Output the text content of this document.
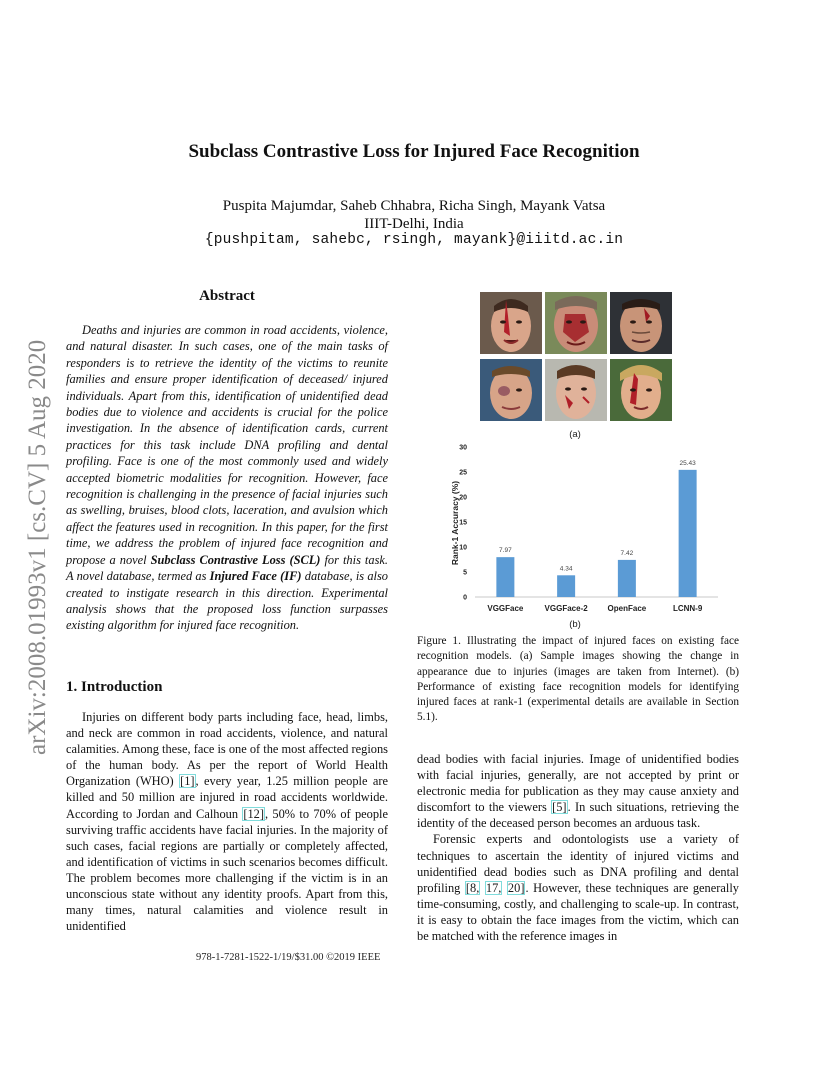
arXiv:2008.01993v1 [cs.CV] 5 Aug 2020
Subclass Contrastive Loss for Injured Face Recognition
Puspita Majumdar, Saheb Chhabra, Richa Singh, Mayank Vatsa
IIIT-Delhi, India
{pushpitam, sahebc, rsingh, mayank}@iiitd.ac.in
Abstract
Deaths and injuries are common in road accidents, violence, and natural disaster. In such cases, one of the main tasks of responders is to retrieve the identity of the victims to reunite families and ensure proper identification of deceased/ injured individuals. Apart from this, identification of unidentified dead bodies due to violence and accidents is crucial for the police investigation. In the absence of identification cards, current practices for this task include DNA profiling and dental profiling. Face is one of the most commonly used and widely accepted biometric modalities for recognition. However, face recognition is challenging in the presence of facial injuries such as swelling, bruises, blood clots, laceration, and avulsion which affect the features used in recognition. In this paper, for the first time, we address the problem of injured face recognition and propose a novel Subclass Contrastive Loss (SCL) for this task. A novel database, termed as Injured Face (IF) database, is also created to instigate research in this direction. Experimental analysis shows that the proposed loss function surpasses existing algorithm for injured face recognition.
1. Introduction
Injuries on different body parts including face, head, limbs, and neck are common in road accidents, violence, and natural calamities. Among these, face is one of the most affected regions of the human body. As per the report of World Health Organization (WHO) [1], every year, 1.25 million people are killed and 50 million are injured in road accidents worldwide. According to Jordan and Calhoun [12], 50% to 70% of people surviving traffic accidents have facial injuries. In the majority of such cases, facial regions are partially or completely affected, and identification of victims in such scenarios becomes difficult. The problem becomes more challenging if the victim is in an unconscious state without any identity proofs. Apart from this, many times, natural calamities and violence result in unidentified
978-1-7281-1522-1/19/$31.00 ©2019 IEEE
(a)
0
5
10
15
20
25
30
7.97
4.34
7.42
25.43
VGGFace	VGGFace-2 OpenFace	LCNN-9
Rank-1 Accuracy (%)
(b)
Figure 1. Illustrating the impact of injured faces on existing face recognition models. (a) Sample images showing the change in appearance due to injuries (images are taken from Internet). (b) Performance of existing face recognition models for identifying injured faces at rank-1 (experimental details are available in Section 5.1).

dead bodies with facial injuries. Image of unidentified bodies with facial injuries, generally, are not accepted by print or electronic media for publication as they may cause anxiety and discomfort to the viewers [5]. In such situations, retrieving the identity of the deceased person becomes an arduous task.

Forensic experts and odontologists use a variety of techniques to ascertain the identity of injured victims and unidentified dead bodies such as DNA profiling and dental profiling [8, 17, 20]. However, these techniques are generally time-consuming, costly, and challenging to scale-up. In contrast, it is easy to obtain the face images from the victim, which can be matched with the reference images in
